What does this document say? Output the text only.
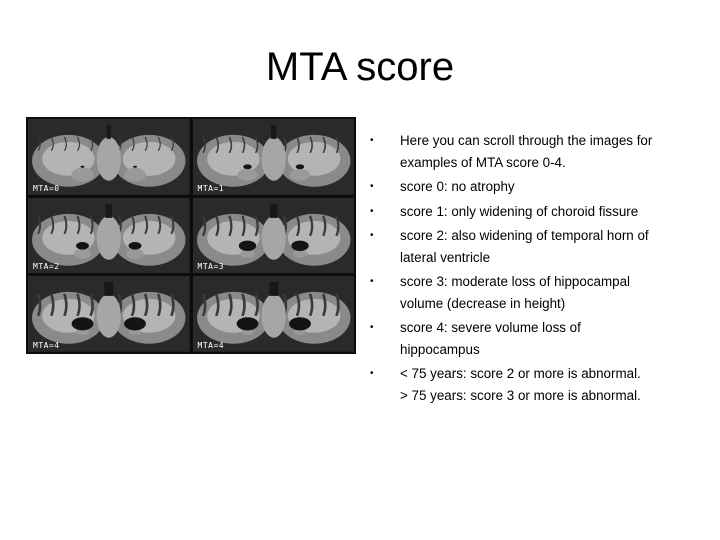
MTA score
MTA=0	MTA=1
MTA=2	MTA=3
MTA=4	MTA=4
• Here you can scroll through the images for
examples of MTA score 0-4.
• score 0: no atrophy
• score 1: only widening of choroid fissure
• score 2: also widening of temporal horn of
lateral ventricle
• score 3: moderate loss of hippocampal
volume (decrease in height)
• score 4: severe volume loss of
hippocampus
• < 75 years: score 2 or more is abnormal.
> 75 years: score 3 or more is abnormal.
